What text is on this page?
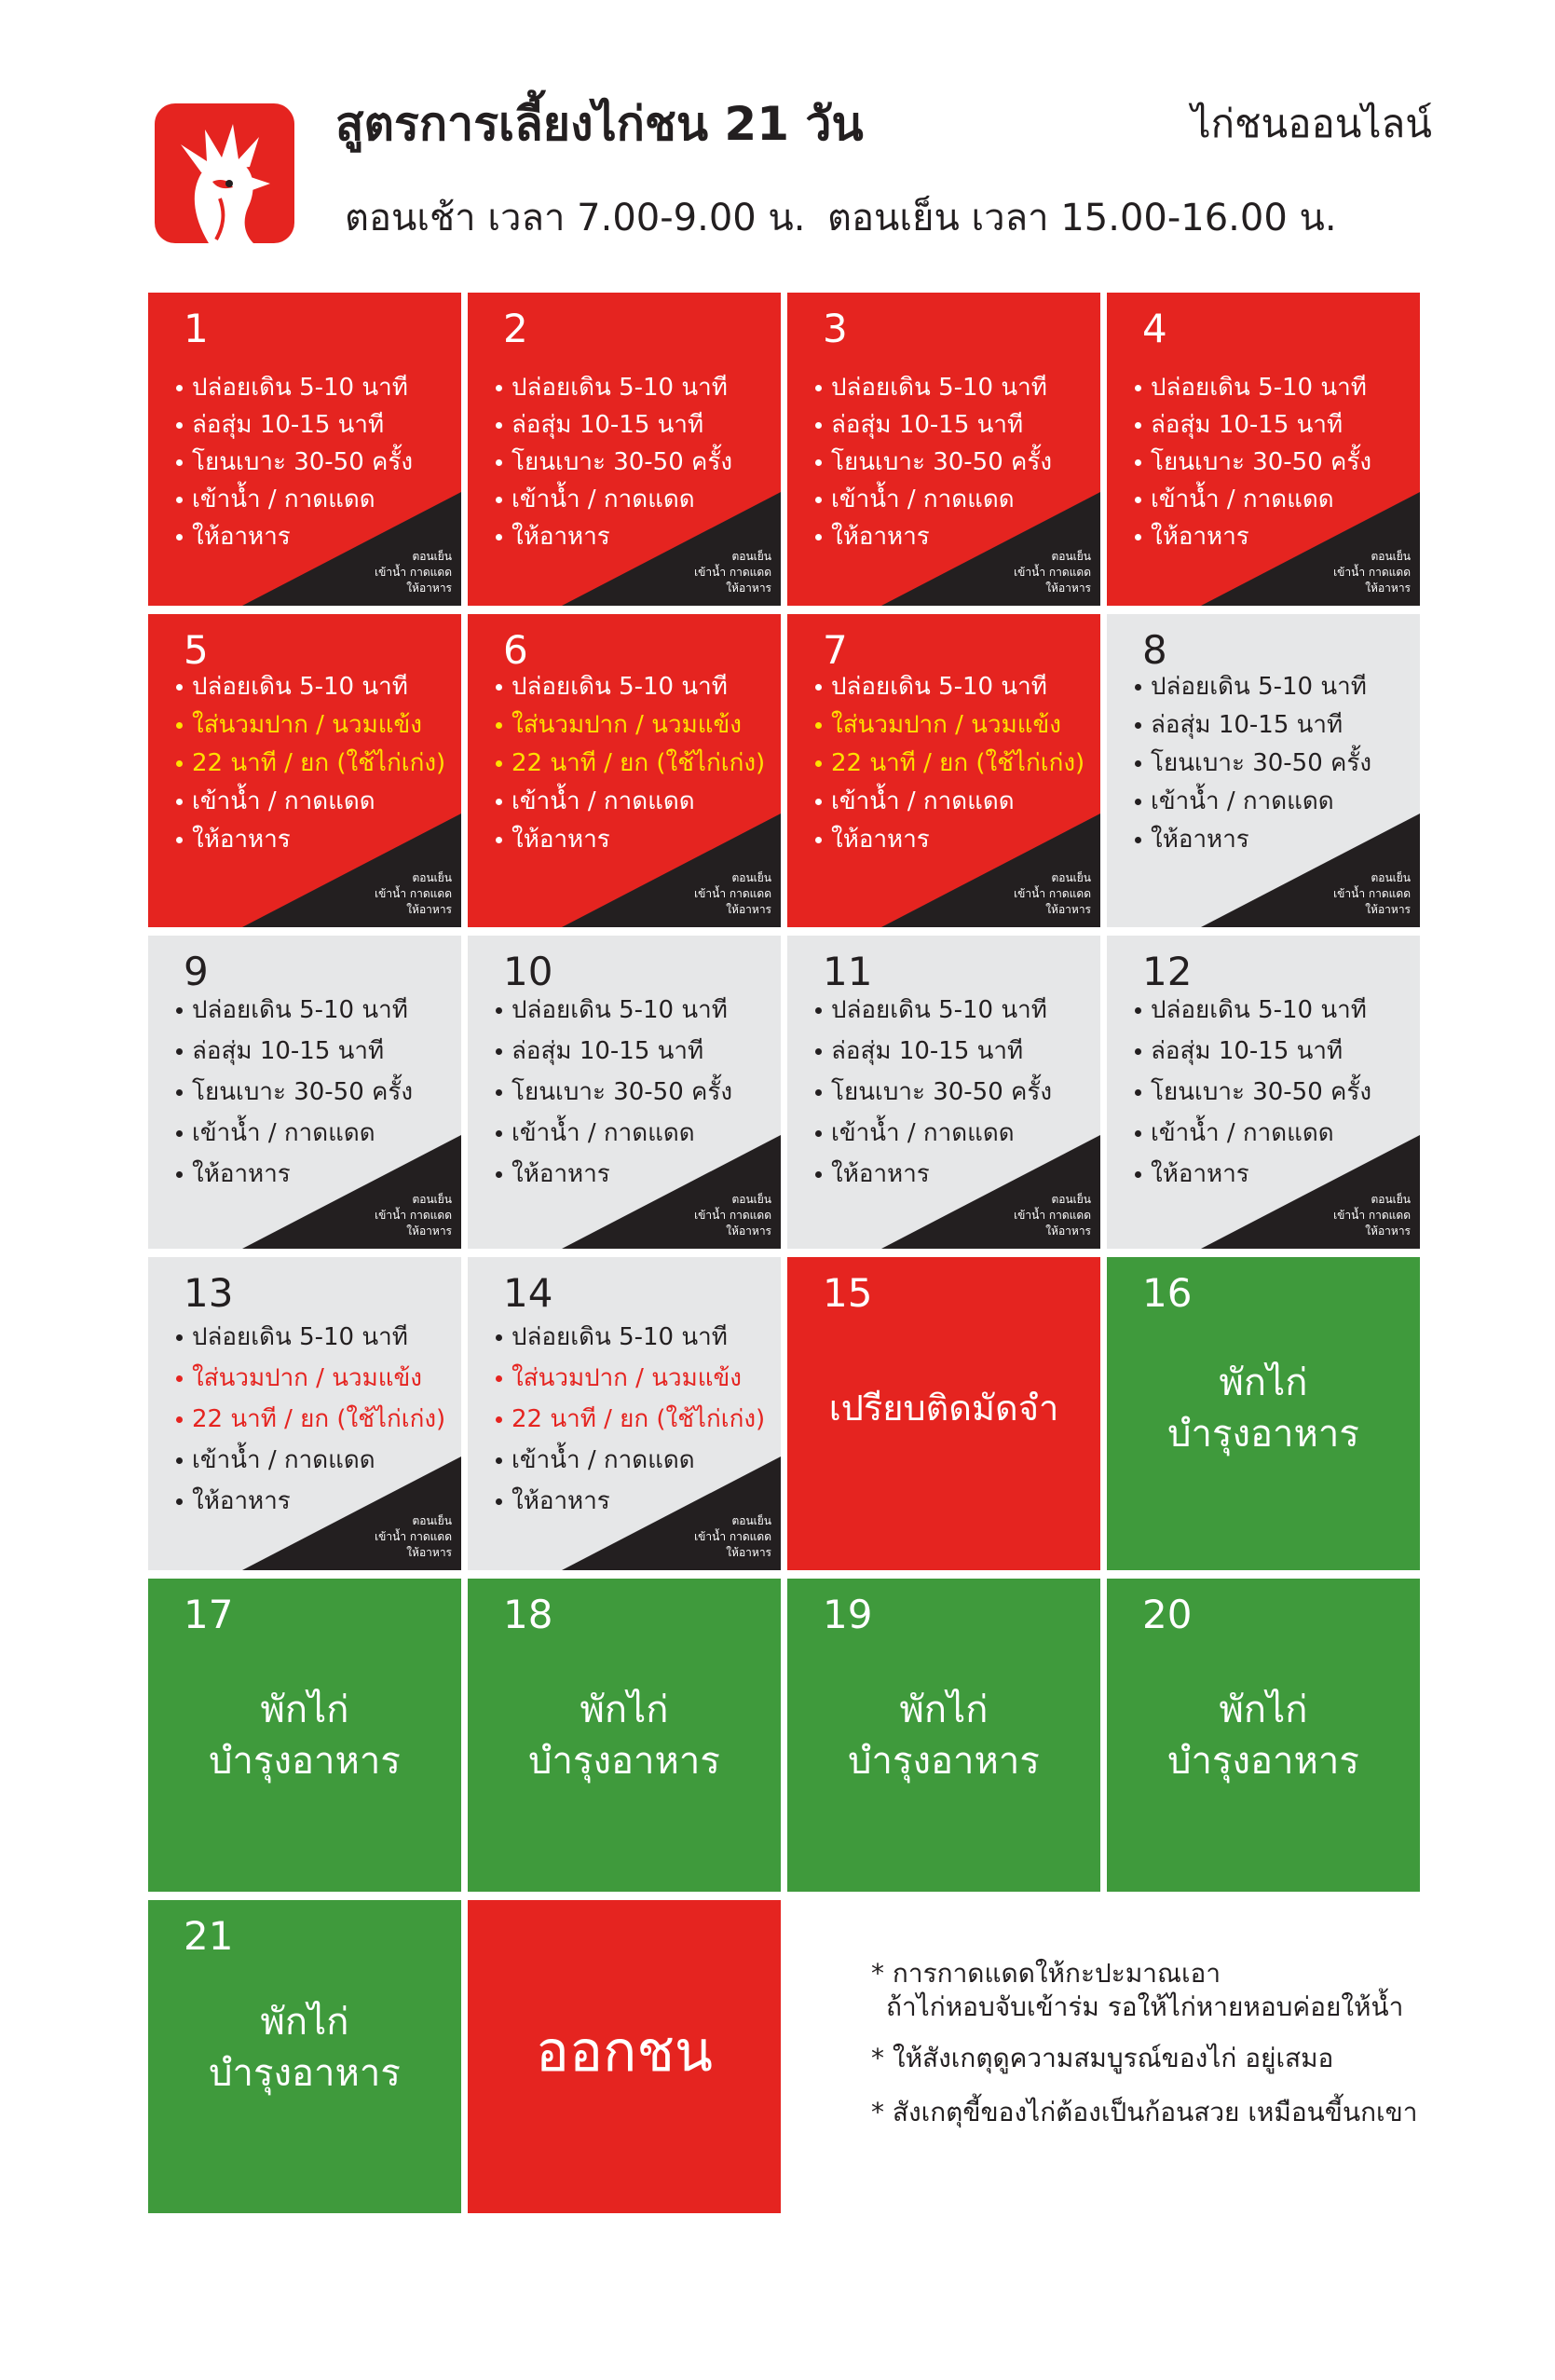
สูตรการเลี้ยงไก่ชน 21 วัน	ไก่ชนออนไลน์
ตอนเช้า เวลา 7.00-9.00 น. ตอนเย็น เวลา 15.00-16.00 น.
1
ปล่อยเดิน 5-10 นาที
ล่อสุ่ม 10-15 นาที
โยนเบาะ 30-50 ครั้ง
เข้าน้ำ / กาดแดด
ให้อาหาร
ตอนเย็น
เข้าน้ำ กาดแดด
ให้อาหาร
2
ปล่อยเดิน 5-10 นาที
ล่อสุ่ม 10-15 นาที
โยนเบาะ 30-50 ครั้ง
เข้าน้ำ / กาดแดด
ให้อาหาร
ตอนเย็น
เข้าน้ำ กาดแดด
ให้อาหาร
3
ปล่อยเดิน 5-10 นาที
ล่อสุ่ม 10-15 นาที
โยนเบาะ 30-50 ครั้ง
เข้าน้ำ / กาดแดด
ให้อาหาร
ตอนเย็น
เข้าน้ำ กาดแดด
ให้อาหาร
4
ปล่อยเดิน 5-10 นาที
ล่อสุ่ม 10-15 นาที
โยนเบาะ 30-50 ครั้ง
เข้าน้ำ / กาดแดด
ให้อาหาร
ตอนเย็น
เข้าน้ำ กาดแดด
ให้อาหาร
5
ปล่อยเดิน 5-10 นาที
ใส่นวมปาก / นวมแข้ง
22 นาที / ยก (ใช้ไก่เก่ง)
เข้าน้ำ / กาดแดด
ให้อาหาร
ตอนเย็น
เข้าน้ำ กาดแดด
ให้อาหาร
6
ปล่อยเดิน 5-10 นาที
ใส่นวมปาก / นวมแข้ง
22 นาที / ยก (ใช้ไก่เก่ง)
เข้าน้ำ / กาดแดด
ให้อาหาร
ตอนเย็น
เข้าน้ำ กาดแดด
ให้อาหาร
7
ปล่อยเดิน 5-10 นาที
ใส่นวมปาก / นวมแข้ง
22 นาที / ยก (ใช้ไก่เก่ง)
เข้าน้ำ / กาดแดด
ให้อาหาร
ตอนเย็น
เข้าน้ำ กาดแดด
ให้อาหาร
8
ปล่อยเดิน 5-10 นาที
ล่อสุ่ม 10-15 นาที
โยนเบาะ 30-50 ครั้ง
เข้าน้ำ / กาดแดด
ให้อาหาร
ตอนเย็น
เข้าน้ำ กาดแดด
ให้อาหาร
9
ปล่อยเดิน 5-10 นาที
ล่อสุ่ม 10-15 นาที
โยนเบาะ 30-50 ครั้ง
เข้าน้ำ / กาดแดด
ให้อาหาร
ตอนเย็น
เข้าน้ำ กาดแดด
ให้อาหาร
10
ปล่อยเดิน 5-10 นาที
ล่อสุ่ม 10-15 นาที
โยนเบาะ 30-50 ครั้ง
เข้าน้ำ / กาดแดด
ให้อาหาร
ตอนเย็น
เข้าน้ำ กาดแดด
ให้อาหาร
11
ปล่อยเดิน 5-10 นาที
ล่อสุ่ม 10-15 นาที
โยนเบาะ 30-50 ครั้ง
เข้าน้ำ / กาดแดด
ให้อาหาร
ตอนเย็น
เข้าน้ำ กาดแดด
ให้อาหาร
12
ปล่อยเดิน 5-10 นาที
ล่อสุ่ม 10-15 นาที
โยนเบาะ 30-50 ครั้ง
เข้าน้ำ / กาดแดด
ให้อาหาร
ตอนเย็น
เข้าน้ำ กาดแดด
ให้อาหาร
13
ปล่อยเดิน 5-10 นาที
ใส่นวมปาก / นวมแข้ง
22 นาที / ยก (ใช้ไก่เก่ง)
เข้าน้ำ / กาดแดด
ให้อาหาร
ตอนเย็น
เข้าน้ำ กาดแดด
ให้อาหาร
14
ปล่อยเดิน 5-10 นาที
ใส่นวมปาก / นวมแข้ง
22 นาที / ยก (ใช้ไก่เก่ง)
เข้าน้ำ / กาดแดด
ให้อาหาร
ตอนเย็น
เข้าน้ำ กาดแดด
ให้อาหาร
15
เปรียบติดมัดจำ
16
พักไก่
บำรุงอาหาร
17
พักไก่
บำรุงอาหาร
18
พักไก่
บำรุงอาหาร
19
พักไก่
บำรุงอาหาร
20
พักไก่
บำรุงอาหาร
21
พักไก่
บำรุงอาหาร	ออกชน
* การกาดแดดให้กะปะมาณเอา
ถ้าไก่หอบจับเข้าร่ม รอให้ไก่หายหอบค่อยให้น้ำ
* ให้สังเกตุดูความสมบูรณ์ของไก่ อยู่เสมอ
* สังเกตุขี้ของไก่ต้องเป็นก้อนสวย เหมือนขี้นกเขา
